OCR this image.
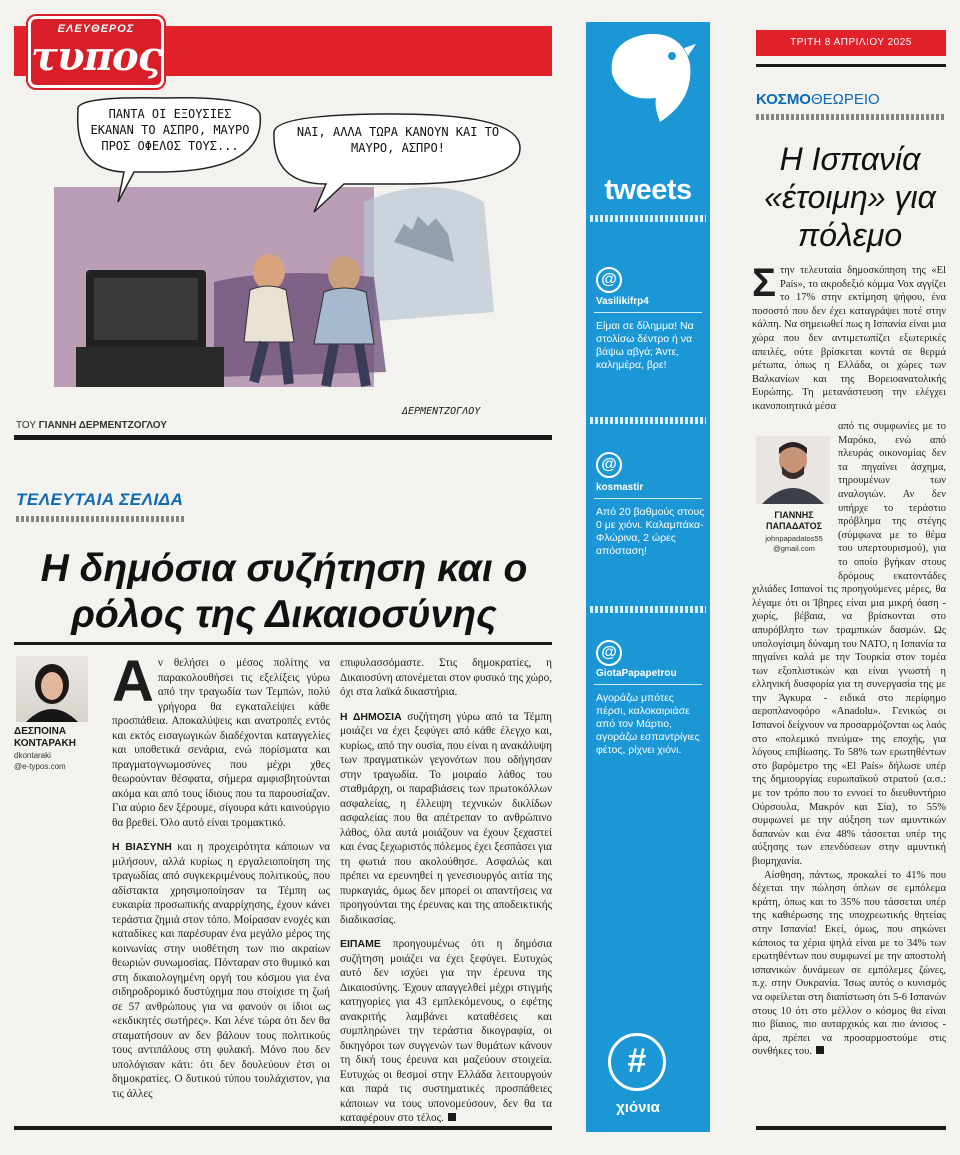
ΕΛΕΥΘΕΡΟΣ
τυπος
ΠΑΝΤΑ ΟΙ ΕΞΟΥΣΙΕΣ ΕΚΑΝΑΝ ΤΟ ΑΣΠΡΟ, ΜΑΥΡΟ ΠΡΟΣ ΟΦΕΛΟΣ ΤΟΥΣ...
ΝΑΙ, ΑΛΛΑ ΤΩΡΑ ΚΑΝΟΥΝ ΚΑΙ ΤΟ ΜΑΥΡΟ, ΑΣΠΡΟ!
ΔΕΡΜΕΝΤΖΟΓΛΟΥ
ΤΟΥ ΓΙΑΝΝΗ ΔΕΡΜΕΝΤΖΟΓΛΟΥ
ΤΕΛΕΥΤΑΙΑ ΣΕΛΙΔΑ
Η δημόσια συζήτηση και ο ρόλος της Δικαιοσύνης
ΔΕΣΠΟΙΝΑ ΚΟΝΤΑΡΑΚΗ
dkontaraki
@e-typos.com

Αν θελήσει ο μέσος πολίτης να παρακολουθήσει τις εξελίξεις γύρω από την τραγωδία των Τεμπών, πολύ γρήγορα θα εγκαταλείψει κάθε προσπάθεια. Αποκαλύψεις και ανατροπές εντός και εκτός εισαγωγικών διαδέχονται καταγγελίες και υποθετικά σενάρια, ενώ πορίσματα και πραγματογνωμοσύνες που μέχρι χθες θεωρούνταν θέσφατα, σήμερα αμφισβητούνται ακόμα και από τους ίδιους που τα παρουσίαζαν. Για αύριο δεν ξέρουμε, σίγουρα κάτι καινούργιο θα βρεθεί. Όλο αυτό είναι τρομακτικό.

Η ΒΙΑΣΥΝΗ και η προχειρότητα κάποιων να μιλήσουν, αλλά κυρίως η εργαλειοποίηση της τραγωδίας από συγκεκριμένους πολιτικούς, που αδίστακτα χρησιμοποίησαν τα Τέμπη ως ευκαιρία προσωπικής αναρρίχησης, έχουν κάνει τεράστια ζημιά στον τόπο. Μοίρασαν ενοχές και καταδίκες και παρέσυραν ένα μεγάλο μέρος της κοινωνίας στην υιοθέτηση των πιο ακραίων θεωριών συνωμοσίας. Πόνταραν στο θυμικό και στη δικαιολογημένη οργή του κόσμου για ένα σιδηροδρομικό δυστύχημα που στοίχισε τη ζωή σε 57 ανθρώπους για να φανούν οι ίδιοι ως «εκδικητές σωτήρες». Και λένε τώρα ότι δεν θα σταματήσουν αν δεν βάλουν τους πολιτικούς τους αντιπάλους στη φυλακή. Μόνο που δεν υπολόγισαν κάτι: ότι δεν δουλεύουν έτσι οι δημοκρατίες. Ο δυτικού τύπου τουλάχιστον, για τις άλλες

επιφυλασσόμαστε. Στις δημοκρατίες, η Δικαιοσύνη απονέμεται στον φυσικό της χώρο, όχι στα λαϊκά δικαστήρια.

Η ΔΗΜΟΣΙΑ συζήτηση γύρω από τα Τέμπη μοιάζει να έχει ξεφύγει από κάθε έλεγχο και, κυρίως, από την ουσία, που είναι η ανακάλυψη των πραγματικών γεγονότων που οδήγησαν στην τραγωδία. Το μοιραίο λάθος του σταθμάρχη, οι παραβιάσεις των πρωτοκόλλων ασφαλείας, η έλλειψη τεχνικών δικλίδων ασφαλείας που θα απέτρεπαν το ανθρώπινο λάθος, όλα αυτά μοιάζουν να έχουν ξεχαστεί και ένας ξεχωριστός πόλεμος έχει ξεσπάσει για τη φωτιά που ακολούθησε. Ασφαλώς και πρέπει να ερευνηθεί η γενεσιουργός αιτία της πυρκαγιάς, όμως δεν μπορεί οι απαντήσεις να προηγούνται της έρευνας και της αποδεικτικής διαδικασίας.

ΕΙΠΑΜΕ προηγουμένως ότι η δημόσια συζήτηση μοιάζει να έχει ξεφύγει. Ευτυχώς αυτό δεν ισχύει για την έρευνα της Δικαιοσύνης. Έχουν απαγγελθεί μέχρι στιγμής κατηγορίες για 43 εμπλεκόμενους, ο εφέτης ανακριτής λαμβάνει καταθέσεις και συμπληρώνει την τεράστια δικογραφία, οι δικηγόροι των συγγενών των θυμάτων κάνουν τη δική τους έρευνα και μαζεύουν στοιχεία. Ευτυχώς οι θεσμοί στην Ελλάδα λειτουργούν και παρά τις συστηματικές προσπάθειες κάποιων να τους υπονομεύσουν, δεν θα τα καταφέρουν στο τέλος.

tweets
@
Vasilikifrp4
Είμαι σε δίλημμα! Να στολίσω δέντρο ή να βάψω αβγά; Άντε, καλημέρα, βρε!
@
kosmastir
Από 20 βαθμούς στους 0 με χιόνι. Καλαμπάκα-Φλώρινα, 2 ώρες απόσταση!
@
GiotaPapapetrou
Αγοράζω μπότες πέρσι, καλοκαιριάσε από τον Μάρτιο, αγοράζω εσπαντρίγιες φέτος, ρίχνει χιόνι.
#
χιόνια
ΤΡΙΤΗ 8 ΑΠΡΙΛΙΟΥ 2025
ΚΟΣΜΟΘΕΩΡΕΙΟ
Η Ισπανία «έτοιμη» για πόλεμο

Στην τελευταία δημοσκόπηση της «El País», το ακροδεξιό κόμμα Vox αγγίζει το 17% στην εκτίμηση ψήφου, ένα ποσοστό που δεν έχει καταγράψει ποτέ στην κάλπη. Να σημειωθεί πως η Ισπανία είναι μια χώρα που δεν αντιμετωπίζει εξωτερικές απειλές, ούτε βρίσκεται κοντά σε θερμά μέτωπα, όπως η Ελλάδα, οι χώρες των Βαλκανίων και της Βορειοανατολικής Ευρώπης. Τη μετανάστευση την ελέγχει ικανοποιητικά μέσα

ΓΙΑΝΝΗΣ ΠΑΠΑΔΑΤΟΣ
johnpapadatos55
@gmail.com

από τις συμφωνίες με το Μαρόκο, ενώ από πλευράς οικονομίας δεν τα πηγαίνει άσχημα, τηρουμένων των αναλογιών. Αν δεν υπήρχε το τεράστιο πρόβλημα της στέγης (σύμφωνα με το θέμα του υπερτουρισμού), για το οποίο βγήκαν στους δρόμους εκατοντάδες χιλιάδες Ισπανοί τις προηγούμενες μέρες, θα λέγαμε ότι οι Ίβηρες είναι μια μικρή όαση - χωρίς, βέβαια, να βρίσκονται στο απυρόβλητο των τραμπικών δασμών. Ως υπολογίσιμη δύναμη του NATO, η Ισπανία τα πηγαίνει καλά με την Τουρκία στον τομέα των εξοπλιστικών και είναι γνωστή η ελληνική δυσφορία για τη συνεργασία της με την Άγκυρα - ειδικά στο περίφημο αεροπλανοφόρο «Anadolu». Γενικώς οι Ισπανοί δείχνουν να προσαρμόζονται ως λαός στο «πολεμικό πνεύμα» της εποχής, για λόγους επιβίωσης. Το 58% των ερωτηθέντων στο βαρόμετρο της «El País» δήλωσε υπέρ της δημιουργίας ευρωπαϊκού στρατού (α.σ.: με τον τρόπο που το εννοεί το διευθυντήριο Ούρσουλα, Μακρόν και Σία), το 55% συμφωνεί με την αύξηση των αμυντικών δαπανών και ένα 48% τάσσεται υπέρ της αύξησης των επενδύσεων στην αμυντική βιομηχανία.

Αίσθηση, πάντως, προκαλεί το 41% που δέχεται την πώληση όπλων σε εμπόλεμα κράτη, όπως και το 35% που τάσσεται υπέρ της καθιέρωσης της υποχρεωτικής θητείας στην Ισπανία! Εκεί, όμως, που σηκώνει κάποιος τα χέρια ψηλά είναι με το 34% των ερωτηθέντων που συμφωνεί με την αποστολή ισπανικών δυνάμεων σε εμπόλεμες ζώνες, π.χ. στην Ουκρανία. Ίσως αυτός ο κυνισμός να οφείλεται στη διαπίστωση ότι 5-6 Ισπανών στους 10 ότι στο μέλλον ο κόσμος θα είναι πιο βίαιος, πιο αυταρχικός και πιο άνισος - άρα, πρέπει να προσαρμοστούμε στις συνθήκες του.
